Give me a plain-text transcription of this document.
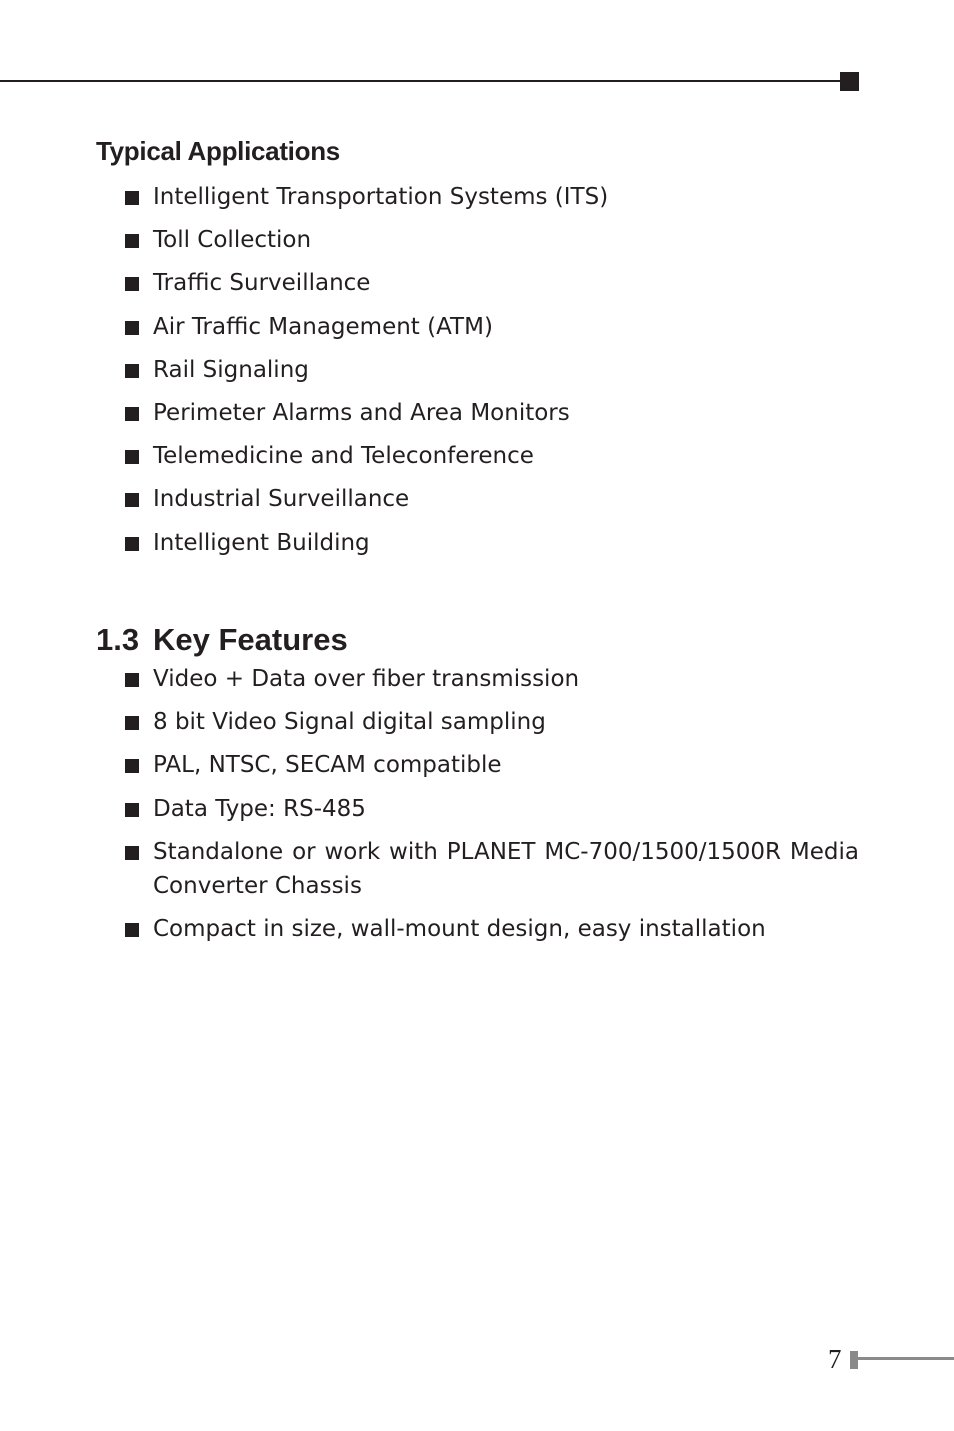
Typical Applications
Intelligent Transportation Systems (ITS)
Toll Collection
Traffic Surveillance
Air Traffic Management (ATM)
Rail Signaling
Perimeter Alarms and Area Monitors
Telemedicine and Teleconference
Industrial Surveillance
Intelligent Building
1.3 Key Features
Video + Data over fiber transmission
8 bit Video Signal digital sampling
PAL, NTSC, SECAM compatible
Data Type: RS-485
Standalone or work with PLANET MC-700/1500/1500R Media Converter Chassis
Compact in size, wall-mount design, easy installation
7
